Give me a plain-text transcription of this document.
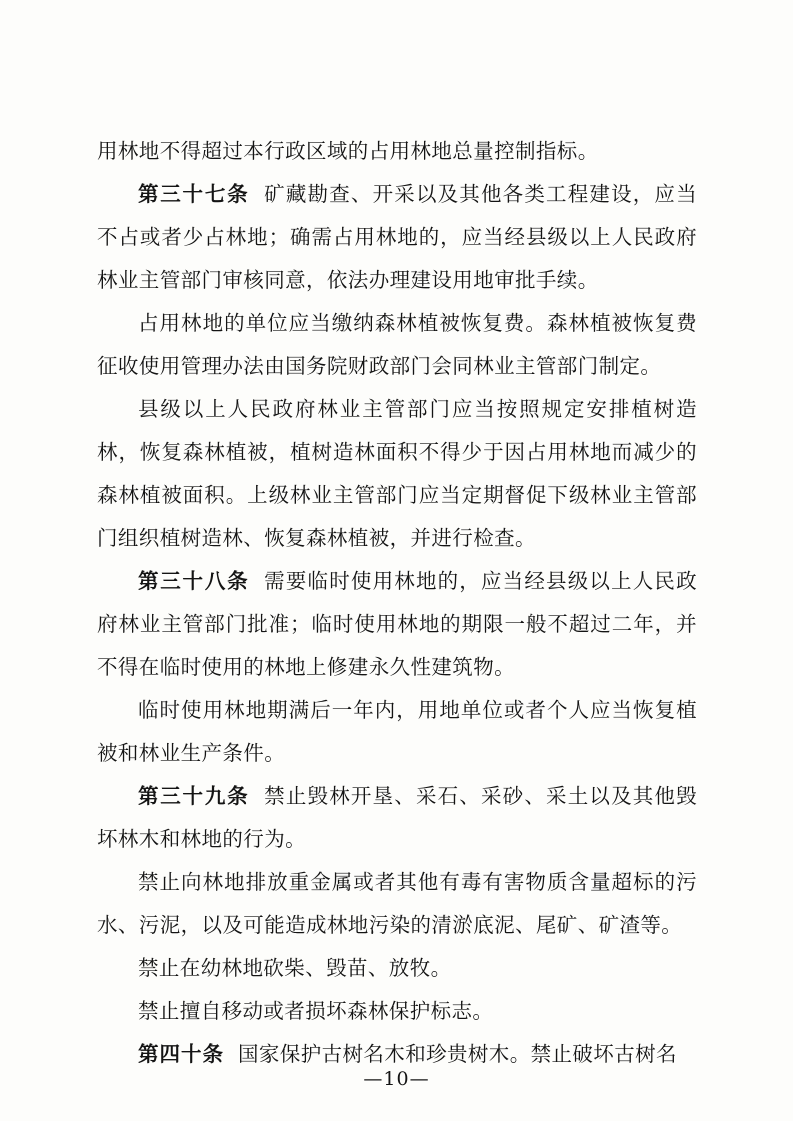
用林地不得超过本行政区域的占用林地总量控制指标。

第三十七条 矿藏勘查、开采以及其他各类工程建设，应当不占或者少占林地；确需占用林地的，应当经县级以上人民政府林业主管部门审核同意，依法办理建设用地审批手续。

占用林地的单位应当缴纳森林植被恢复费。森林植被恢复费征收使用管理办法由国务院财政部门会同林业主管部门制定。

县级以上人民政府林业主管部门应当按照规定安排植树造林，恢复森林植被，植树造林面积不得少于因占用林地而减少的森林植被面积。上级林业主管部门应当定期督促下级林业主管部门组织植树造林、恢复森林植被，并进行检查。

第三十八条 需要临时使用林地的，应当经县级以上人民政府林业主管部门批准；临时使用林地的期限一般不超过二年，并不得在临时使用的林地上修建永久性建筑物。

临时使用林地期满后一年内，用地单位或者个人应当恢复植被和林业生产条件。

第三十九条 禁止毁林开垦、采石、采砂、采土以及其他毁坏林木和林地的行为。

禁止向林地排放重金属或者其他有毒有害物质含量超标的污水、污泥，以及可能造成林地污染的清淤底泥、尾矿、矿渣等。

禁止在幼林地砍柴、毁苗、放牧。

禁止擅自移动或者损坏森林保护标志。

第四十条 国家保护古树名木和珍贵树木。禁止破坏古树名

—10—
